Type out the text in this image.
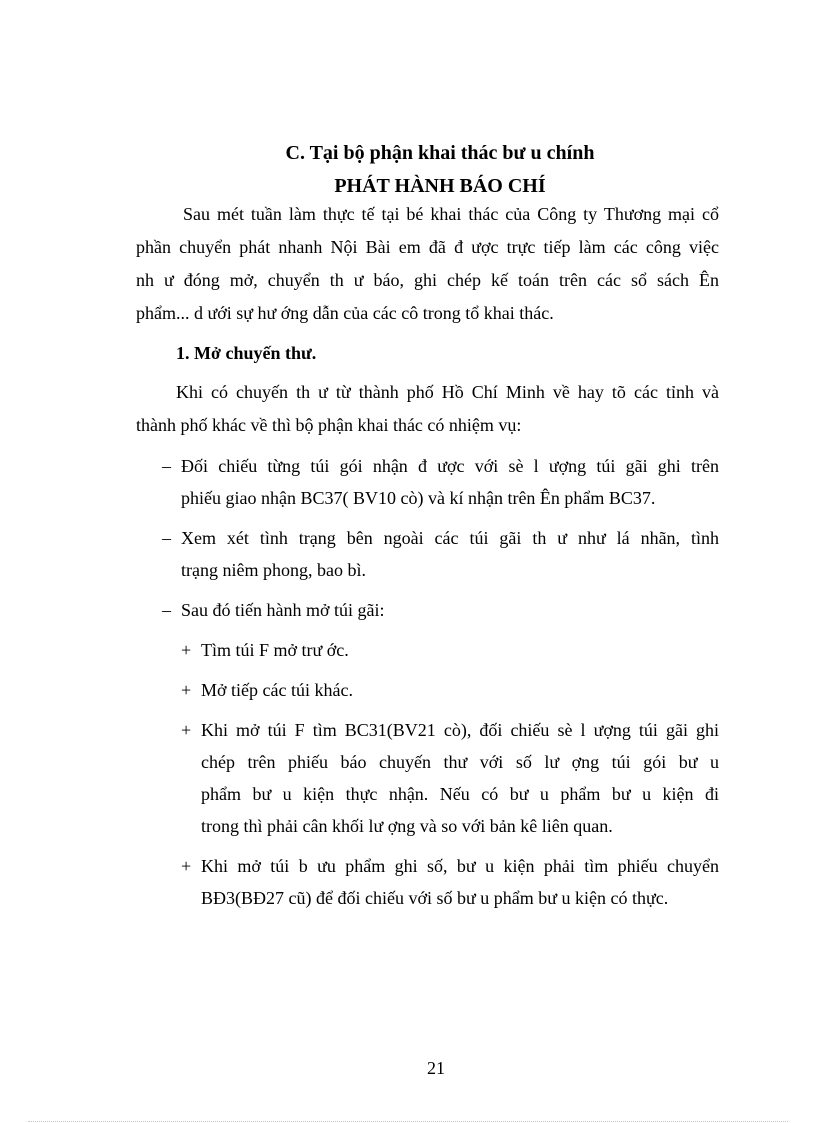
C. Tại bộ phận khai thác bư u chính
PHÁT HÀNH BÁO CHÍ
Sau mét tuần làm thực tế tại bé khai thác của Công ty Thương mại cổ
phần chuyển phát nhanh Nội Bài em đã đ ược trực tiếp làm các công việc
nh ư đóng mở, chuyển th ư báo, ghi chép kế toán trên các sổ sách Ên
phẩm... d ưới sự hư ớng dẫn của các cô trong tổ khai thác.
1. Mở chuyến thư.
Khi có chuyến th ư từ thành phố Hồ Chí Minh về hay tõ các tỉnh và
thành phố khác về thì bộ phận khai thác có nhiệm vụ:
– Đối chiếu từng túi gói nhận đ ược với sè l ượng túi gãi ghi trên
phiếu giao nhận BC37( BV10 cò) và kí nhận trên Ên phẩm BC37.
– Xem xét tình trạng bên ngoài các túi gãi th ư như lá nhãn, tình
trạng niêm phong, bao bì.
– Sau đó tiến hành mở túi gãi:
+ Tìm túi F mở trư ớc.
+ Mở tiếp các túi khác.
+ Khi mở túi F tìm BC31(BV21 cò), đối chiếu sè l ượng túi gãi ghi
chép trên phiếu báo chuyến thư với số lư ợng túi gói bư u
phẩm bư u kiện thực nhận. Nếu có bư u phẩm bư u kiện đi
trong thì phải cân khối lư ợng và so với bản kê liên quan.
+ Khi mở túi b ưu phẩm ghi số, bư u kiện phải tìm phiếu chuyển
BĐ3(BĐ27 cũ) để đối chiếu với số bư u phẩm bư u kiện có thực.
21
